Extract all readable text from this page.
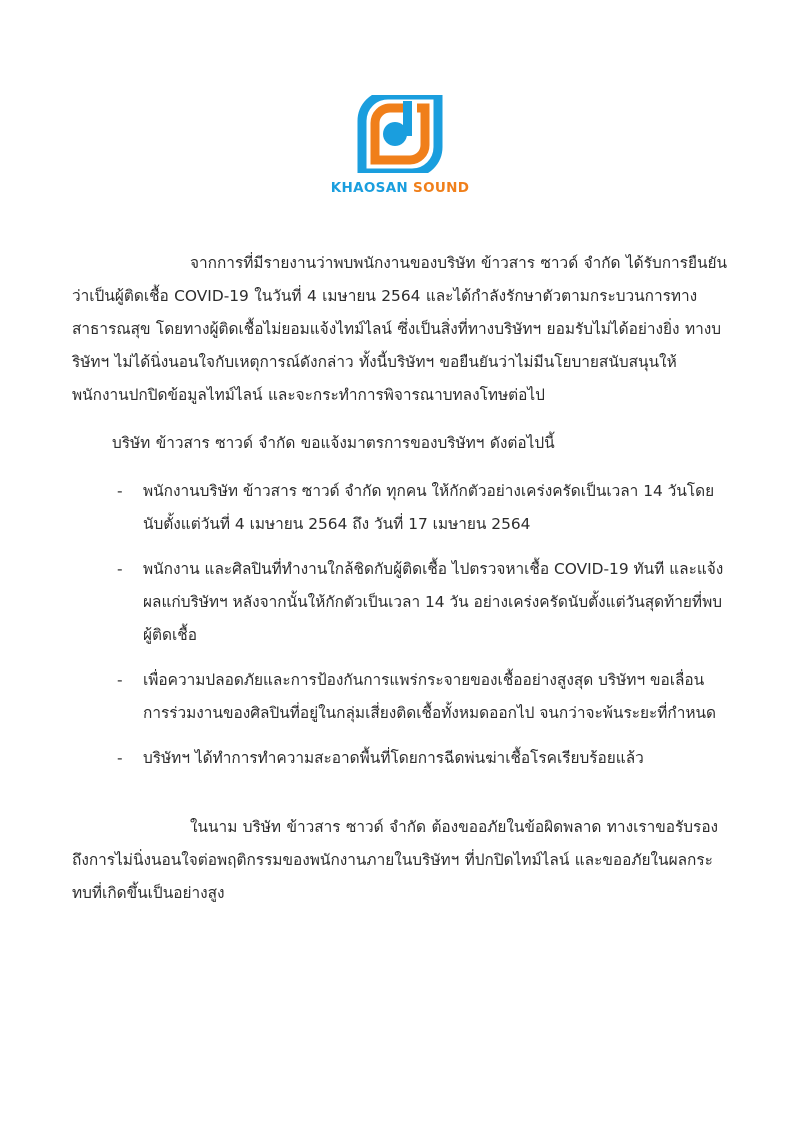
KHAOSAN SOUND

จากการที่มีรายงานว่าพบพนักงานของบริษัท ข้าวสาร ซาวด์ จำกัด ได้รับการยืนยันว่าเป็นผู้ติดเชื้อ COVID-19 ในวันที่ 4 เมษายน 2564 และได้กำลังรักษาตัวตามกระบวนการทางสาธารณสุข โดยทางผู้ติดเชื้อไม่ยอมแจ้งไทม์ไลน์ ซึ่งเป็นสิ่งที่ทางบริษัทฯ ยอมรับไม่ได้อย่างยิ่ง ทางบริษัทฯ ไม่ได้นิ่งนอนใจกับเหตุการณ์ดังกล่าว ทั้งนี้บริษัทฯ ขอยืนยันว่าไม่มีนโยบายสนับสนุนให้พนักงานปกปิดข้อมูลไทม์ไลน์ และจะกระทำการพิจารณาบทลงโทษต่อไป

บริษัท ข้าวสาร ซาวด์ จำกัด ขอแจ้งมาตรการของบริษัทฯ ดังต่อไปนี้

- พนักงานบริษัท ข้าวสาร ซาวด์ จำกัด ทุกคน ให้กักตัวอย่างเคร่งครัดเป็นเวลา 14 วันโดยนับตั้งแต่วันที่ 4 เมษายน 2564 ถึง วันที่ 17 เมษายน 2564
- พนักงาน และศิลปินที่ทำงานใกล้ชิดกับผู้ติดเชื้อ ไปตรวจหาเชื้อ COVID-19 ทันที และแจ้งผลแก่บริษัทฯ หลังจากนั้นให้กักตัวเป็นเวลา 14 วัน อย่างเคร่งครัดนับตั้งแต่วันสุดท้ายที่พบผู้ติดเชื้อ
- เพื่อความปลอดภัยและการป้องกันการแพร่กระจายของเชื้ออย่างสูงสุด บริษัทฯ ขอเลื่อนการร่วมงานของศิลปินที่อยู่ในกลุ่มเสี่ยงติดเชื้อทั้งหมดออกไป จนกว่าจะพ้นระยะที่กำหนด
- บริษัทฯ ได้ทำการทำความสะอาดพื้นที่โดยการฉีดพ่นฆ่าเชื้อโรคเรียบร้อยแล้ว

ในนาม บริษัท ข้าวสาร ซาวด์ จำกัด ต้องขออภัยในข้อผิดพลาด ทางเราขอรับรองถึงการไม่นิ่งนอนใจต่อพฤติกรรมของพนักงานภายในบริษัทฯ ที่ปกปิดไทม์ไลน์ และขออภัยในผลกระทบที่เกิดขึ้นเป็นอย่างสูง
